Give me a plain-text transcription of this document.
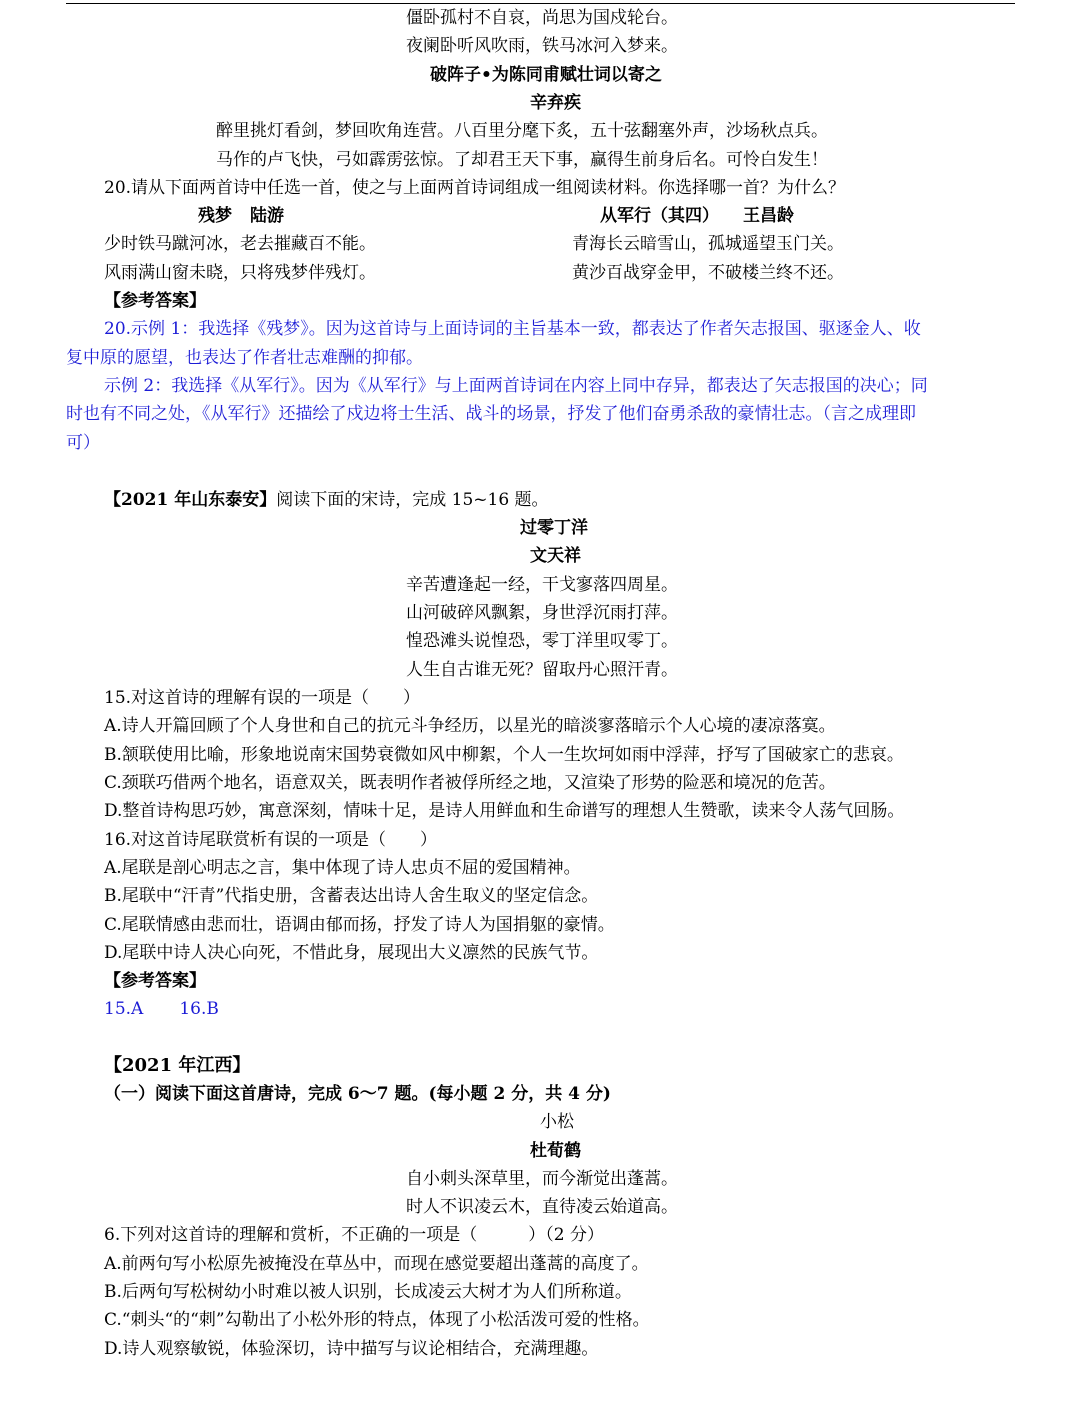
僵卧孤村不自哀，尚思为国戍轮台。
夜阑卧听风吹雨，铁马冰河入梦来。
破阵子•为陈同甫赋壮词以寄之
辛弃疾
醉里挑灯看剑，梦回吹角连营。八百里分麾下炙，五十弦翻塞外声，沙场秋点兵。
马作的卢飞快，弓如霹雳弦惊。了却君王天下事，赢得生前身后名。可怜白发生！
20.请从下面两首诗中任选一首，使之与上面两首诗词组成一组阅读材料。你选择哪一首？为什么？
残梦 陆游	从军行（其四） 王昌龄
少时铁马蹴河冰，老去摧藏百不能。	青海长云暗雪山，孤城遥望玉门关。
风雨满山窗未晓，只将残梦伴残灯。	黄沙百战穿金甲，不破楼兰终不还。
【参考答案】
20.示例 1：我选择《残梦》。因为这首诗与上面诗词的主旨基本一致，都表达了作者矢志报国、驱逐金人、收
复中原的愿望，也表达了作者壮志难酬的抑郁。
示例 2：我选择《从军行》。因为《从军行》与上面两首诗词在内容上同中存异，都表达了矢志报国的决心；同
时也有不同之处，《从军行》还描绘了戍边将士生活、战斗的场景，抒发了他们奋勇杀敌的豪情壮志。（言之成理即
可）
【2021 年山东泰安】阅读下面的宋诗，完成 15~16 题。
过零丁洋
文天祥
辛苦遭逢起一经，干戈寥落四周星。
山河破碎风飘絮，身世浮沉雨打萍。
惶恐滩头说惶恐，零丁洋里叹零丁。
人生自古谁无死？留取丹心照汗青。
15.对这首诗的理解有误的一项是（　　）
A.诗人开篇回顾了个人身世和自己的抗元斗争经历，以星光的暗淡寥落暗示个人心境的凄凉落寞。
B.颔联使用比喻，形象地说南宋国势衰微如风中柳絮，个人一生坎坷如雨中浮萍，抒写了国破家亡的悲哀。
C.颈联巧借两个地名，语意双关，既表明作者被俘所经之地，又渲染了形势的险恶和境况的危苦。
D.整首诗构思巧妙，寓意深刻，情味十足，是诗人用鲜血和生命谱写的理想人生赞歌，读来令人荡气回肠。
16.对这首诗尾联赏析有误的一项是（　　）
A.尾联是剖心明志之言，集中体现了诗人忠贞不屈的爱国精神。
B.尾联中“汗青”代指史册，含蓄表达出诗人舍生取义的坚定信念。
C.尾联情感由悲而壮，语调由郁而扬，抒发了诗人为国捐躯的豪情。
D.尾联中诗人决心向死，不惜此身，展现出大义凛然的民族气节。
【参考答案】
15.A 16.B
【2021 年江西】
（一）阅读下面这首唐诗，完成 6～7 题。(每小题 2 分，共 4 分)
小松
杜荀鹤
自小刺头深草里，而今渐觉出蓬蒿。
时人不识凌云木，直待凌云始道高。
6.下列对这首诗的理解和赏析，不正确的一项是（　　　）（2 分）
A.前两句写小松原先被掩没在草丛中，而现在感觉要超出蓬蒿的高度了。
B.后两句写松树幼小时难以被人识别，长成凌云大树才为人们所称道。
C.“刺头“的“刺”勾勒出了小松外形的特点，体现了小松活泼可爱的性格。
D.诗人观察敏锐，体验深切，诗中描写与议论相结合，充满理趣。
